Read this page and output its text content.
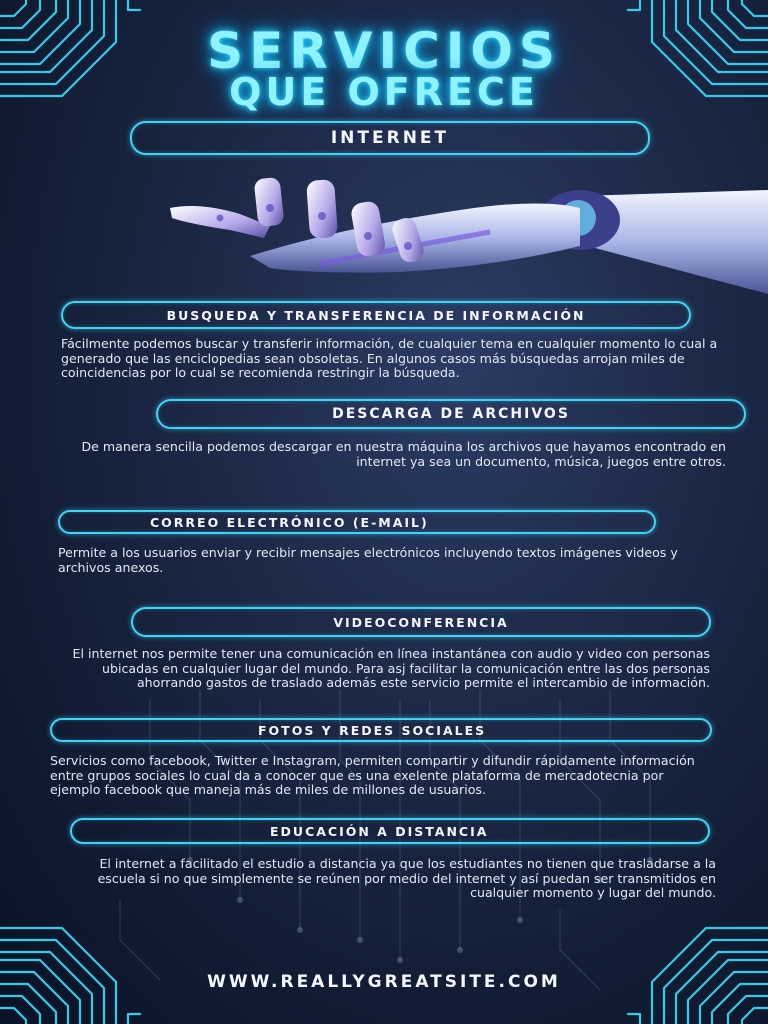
SERVICIOS
QUE OFRECE
INTERNET
BUSQUEDA Y TRANSFERENCIA DE INFORMACIÓN
Fácilmente podemos buscar y transferir información, de cualquier tema en cualquier momento lo cual a generado que las enciclopedias sean obsoletas. En algunos casos más búsquedas arrojan miles de coincidencias por lo cual se recomienda restringir la búsqueda.
DESCARGA DE ARCHIVOS
De manera sencilla podemos descargar en nuestra máquina los archivos que hayamos encontrado en internet ya sea un documento, música, juegos entre otros.
CORREO ELECTRÓNICO (E-MAIL)
Permite a los usuarios enviar y recibir mensajes electrónicos incluyendo textos imágenes videos y archivos anexos.
VIDEOCONFERENCIA
El internet nos permite tener una comunicación en línea instantánea con audio y video con personas ubicadas en cualquier lugar del mundo. Para asj facilitar la comunicación entre las dos personas ahorrando gastos de traslado además este servicio permite el intercambio de información.
FOTOS Y REDES SOCIALES
Servicios como facebook, Twitter e Instagram, permiten compartir y difundir rápidamente información entre grupos sociales lo cual da a conocer que es una exelente plataforma de mercadotecnia por ejemplo facebook que maneja más de miles de millones de usuarios.
EDUCACIÓN A DISTANCIA
El internet a facilitado el estudio a distancia ya que los estudiantes no tienen que trasladarse a la escuela si no que simplemente se reúnen por medio del internet y así puedan ser transmitidos en cualquier momento y lugar del mundo.
WWW.REALLYGREATSITE.COM
